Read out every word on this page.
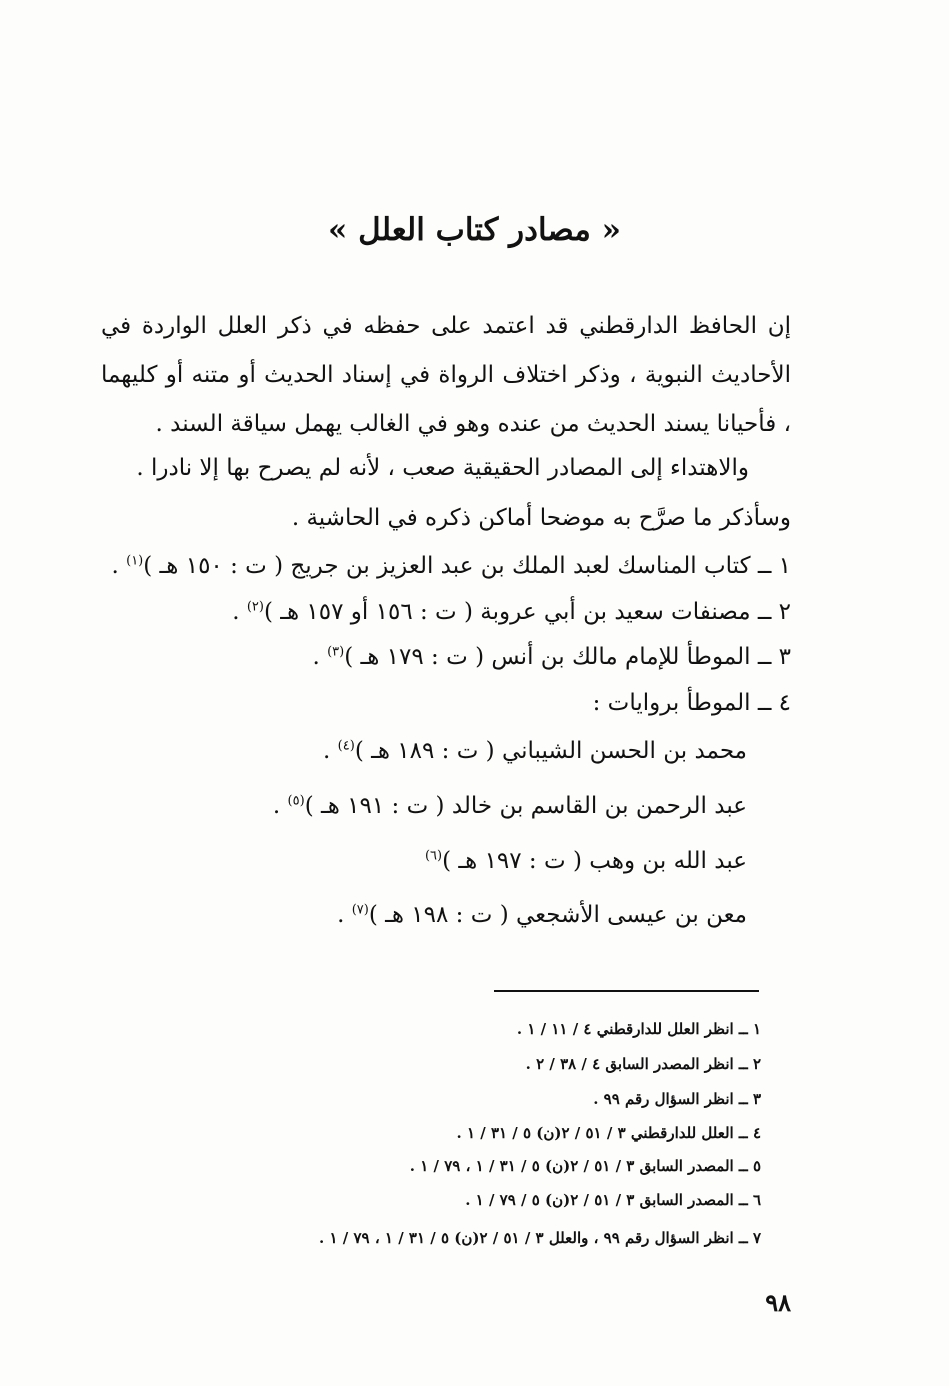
« مصادر كتاب العلل »
إن الحافظ الدارقطني قد اعتمد على حفظه في ذكر العلل الواردة في الأحاديث النبوية ، وذكر اختلاف الرواة في إسناد الحديث أو متنه أو كليهما ، فأحيانا يسند الحديث من عنده وهو في الغالب يهمل سياقة السند .
والاهتداء إلى المصادر الحقيقية صعب ، لأنه لم يصرح بها إلا نادرا .
وسأذكر ما صرَّح به موضحا أماكن ذكره في الحاشية .
١ ــ كتاب المناسك لعبد الملك بن عبد العزيز بن جريج ( ت : ١٥٠ هـ )$^{(١)}$ .
٢ ــ مصنفات سعيد بن أبي عروبة ( ت : ١٥٦ أو ١٥٧ هـ )$^{(٢)}$ .
٣ ــ الموطأ للإمام مالك بن أنس ( ت : ١٧٩ هـ )$^{(٣)}$ .
٤ ــ الموطأ بروايات :
محمد بن الحسن الشيباني ( ت : ١٨٩ هـ )$^{(٤)}$ .
عبد الرحمن بن القاسم بن خالد ( ت : ١٩١ هـ )$^{(٥)}$ .
عبد الله بن وهب ( ت : ١٩٧ هـ )$^{(٦)}$
معن بن عيسى الأشجعي ( ت : ١٩٨ هـ )$^{(٧)}$ .
١ ــ انظر العلل للدارقطني ٤ / ١١ / ١ .
٢ ــ انظر المصدر السابق ٤ / ٣٨ / ٢ .
٣ ــ انظر السؤال رقم ٩٩ .
٤ ــ العلل للدارقطني ٣ / ٥١ / ٢(ن) ٥ / ٣١ / ١ .
٥ ــ المصدر السابق ٣ / ٥١ / ٢(ن) ٥ / ٣١ / ١ ، ٧٩ / ١ .
٦ ــ المصدر السابق ٣ / ٥١ / ٢(ن) ٥ / ٧٩ / ١ .
٧ ــ انظر السؤال رقم ٩٩ ، والعلل ٣ / ٥١ / ٢(ن) ٥ / ٣١ / ١ ، ٧٩ / ١ .
٩٨
